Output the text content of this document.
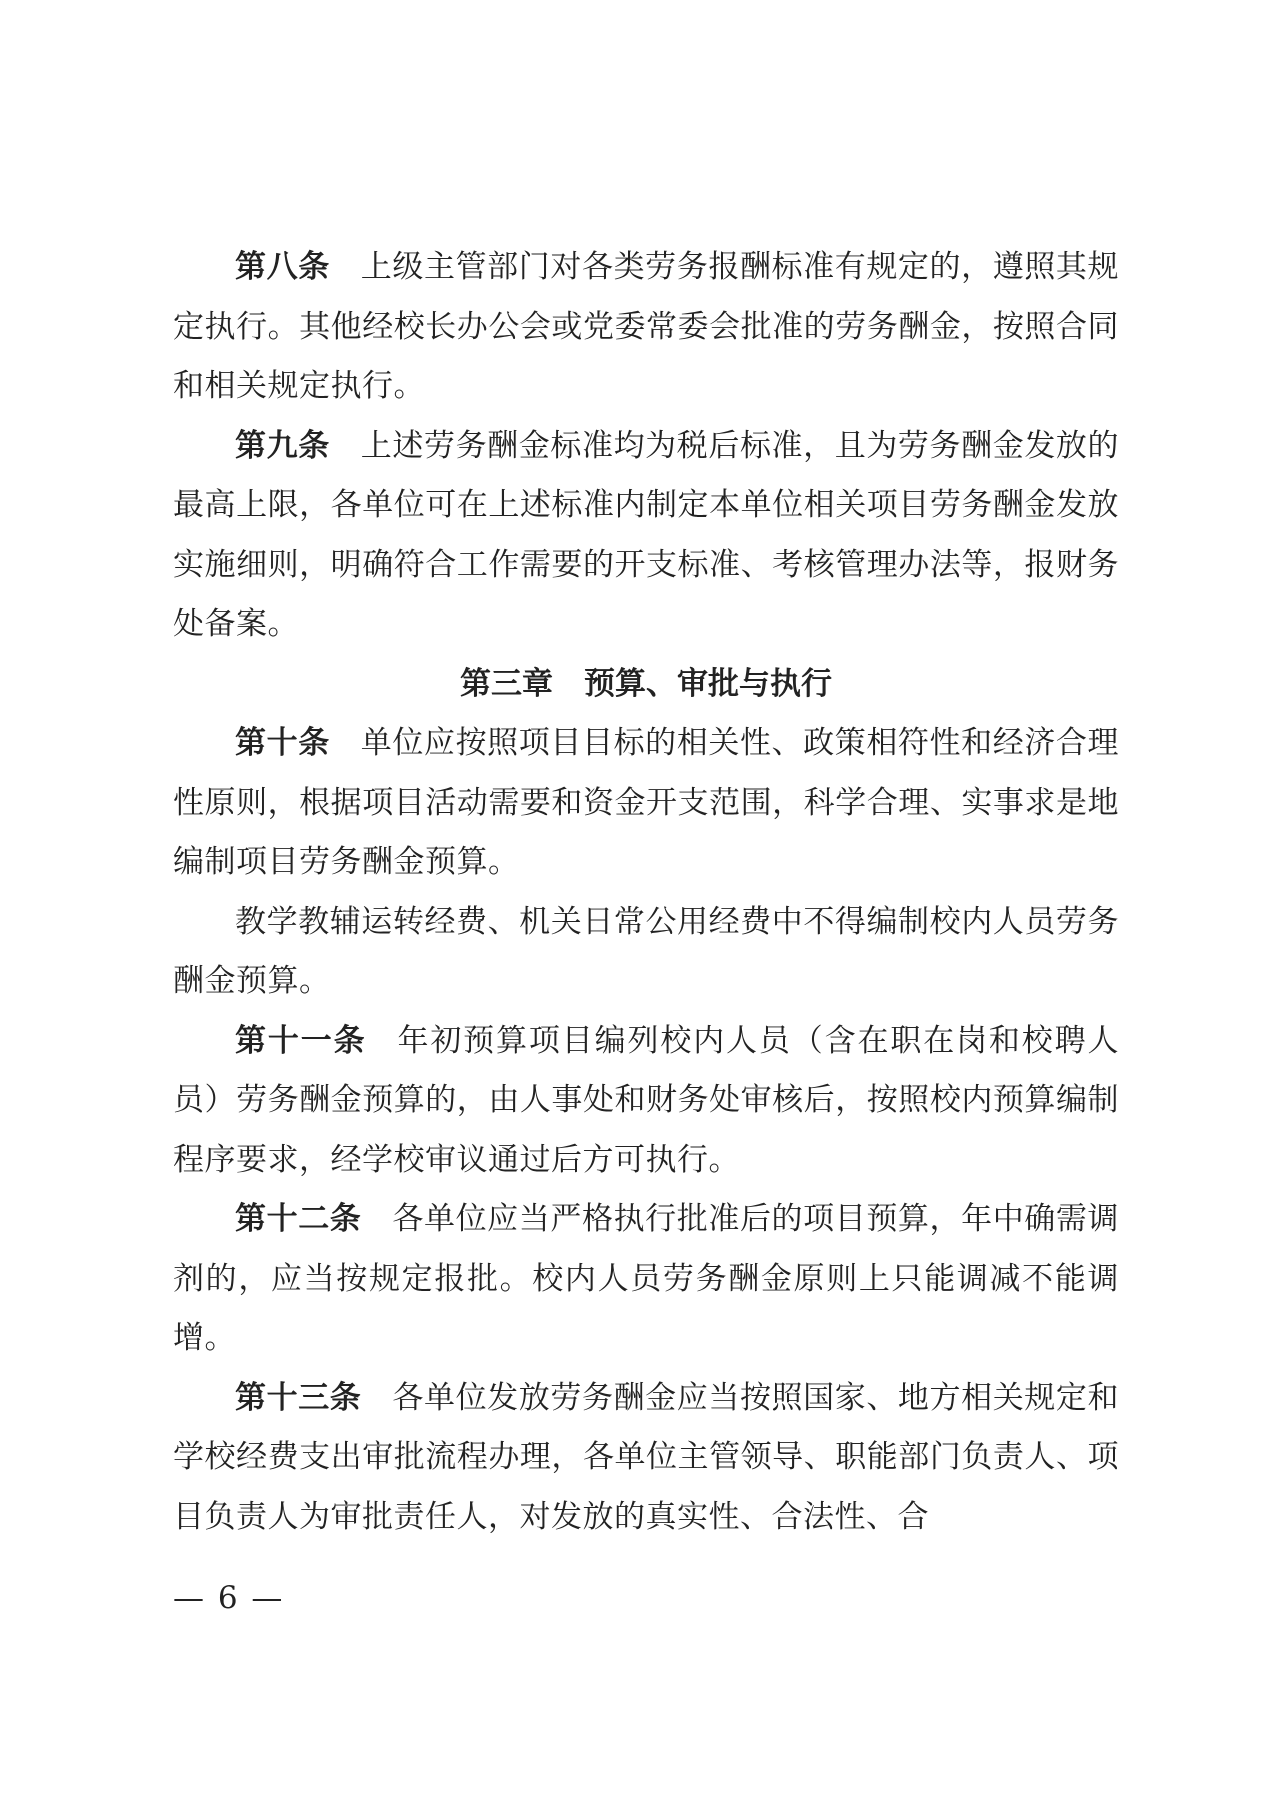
第八条 上级主管部门对各类劳务报酬标准有规定的，遵照其规定执行。其他经校长办公会或党委常委会批准的劳务酬金，按照合同和相关规定执行。

第九条 上述劳务酬金标准均为税后标准，且为劳务酬金发放的最高上限，各单位可在上述标准内制定本单位相关项目劳务酬金发放实施细则，明确符合工作需要的开支标准、考核管理办法等，报财务处备案。

第三章 预算、审批与执行

第十条 单位应按照项目目标的相关性、政策相符性和经济合理性原则，根据项目活动需要和资金开支范围，科学合理、实事求是地编制项目劳务酬金预算。

教学教辅运转经费、机关日常公用经费中不得编制校内人员劳务酬金预算。

第十一条 年初预算项目编列校内人员（含在职在岗和校聘人员）劳务酬金预算的，由人事处和财务处审核后，按照校内预算编制程序要求，经学校审议通过后方可执行。

第十二条 各单位应当严格执行批准后的项目预算，年中确需调剂的，应当按规定报批。校内人员劳务酬金原则上只能调减不能调增。

第十三条 各单位发放劳务酬金应当按照国家、地方相关规定和学校经费支出审批流程办理，各单位主管领导、职能部门负责人、项目负责人为审批责任人，对发放的真实性、合法性、合

— 6 —
